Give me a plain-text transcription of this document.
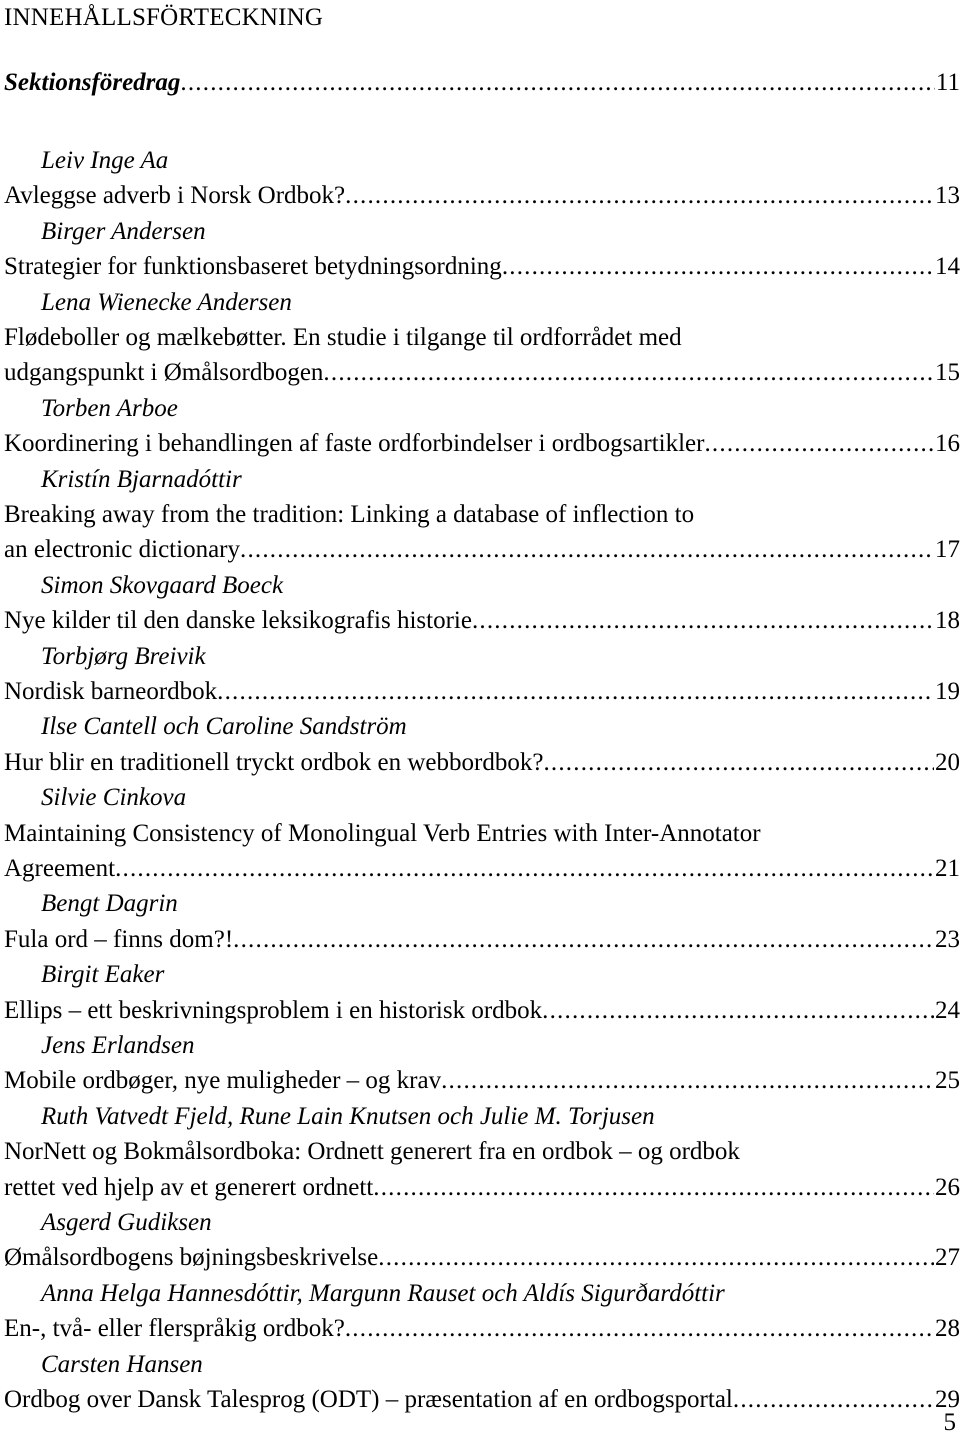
INNEHÅLLSFÖRTECKNING
Sektionsföredrag .....	11
Leiv Inge Aa
Avleggse adverb i Norsk Ordbok? .....	13
Birger Andersen
Strategier for funktionsbaseret betydningsordning .....	14
Lena Wienecke Andersen
Flødeboller og mælkebøtter. En studie i tilgange til ordforrådet med
udgangspunkt i Ømålsordbogen .....	15
Torben Arboe
Koordinering i behandlingen af faste ordforbindelser i ordbogsartikler .....	16
Kristín Bjarnadóttir
Breaking away from the tradition: Linking a database of inflection to
an electronic dictionary .....	17
Simon Skovgaard Boeck
Nye kilder til den danske leksikografis historie .....	18
Torbjørg Breivik
Nordisk barneordbok .....	19
Ilse Cantell och Caroline Sandström
Hur blir en traditionell tryckt ordbok en webbordbok? .....	20
Silvie Cinkova
Maintaining Consistency of Monolingual Verb Entries with Inter-Annotator
Agreement .....	21
Bengt Dagrin
Fula ord – finns dom?! .....	23
Birgit Eaker
Ellips – ett beskrivningsproblem i en historisk ordbok .....	24
Jens Erlandsen
Mobile ordbøger, nye muligheder – og krav .....	25
Ruth Vatvedt Fjeld, Rune Lain Knutsen och Julie M. Torjusen
NorNett og Bokmålsordboka: Ordnett generert fra en ordbok – og ordbok
rettet ved hjelp av et generert ordnett .....	26
Asgerd Gudiksen
Ømålsordbogens bøjningsbeskrivelse .....	27
Anna Helga Hannesdóttir, Margunn Rauset och Aldís Sigurðardóttir
En-, två- eller flerspråkig ordbok? .....	28
Carsten Hansen
Ordbog over Dansk Talesprog (ODT) – præsentation af en ordbogsportal .....	29
5
